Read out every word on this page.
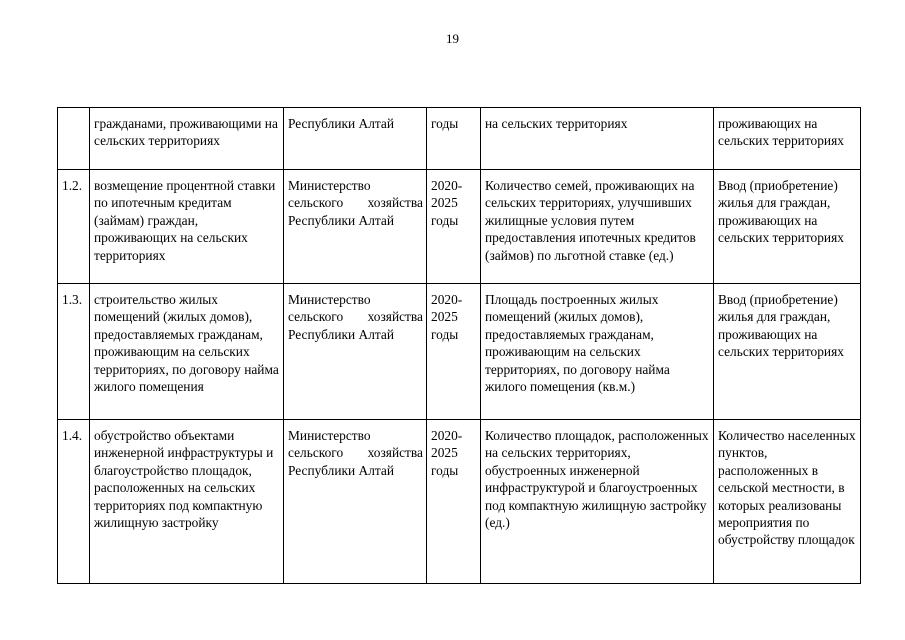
19
	гражданами, проживающими на сельских территориях	Республики Алтай	годы	на сельских территориях	проживающих на сельских территориях
1.2.	возмещение процентной ставки по ипотечным кредитам (займам) граждан, проживающих на сельских территориях	Министерство сельского хозяйства Республики Алтай	2020-2025 годы	Количество семей, проживающих на сельских территориях, улучшивших жилищные условия путем предоставления ипотечных кредитов (займов) по льготной ставке (ед.)	Ввод (приобретение) жилья для граждан, проживающих на сельских территориях
1.3.	строительство жилых помещений (жилых домов), предоставляемых гражданам, проживающим на сельских территориях, по договору найма жилого помещения	Министерство сельского хозяйства Республики Алтай	2020-2025 годы	Площадь построенных жилых помещений (жилых домов), предоставляемых гражданам, проживающим на сельских территориях, по договору найма жилого помещения (кв.м.)	Ввод (приобретение) жилья для граждан, проживающих на сельских территориях
1.4.	обустройство объектами инженерной инфраструктуры и благоустройство площадок, расположенных на сельских территориях под компактную жилищную застройку	Министерство сельского хозяйства Республики Алтай	2020-2025 годы	Количество площадок, расположенных на сельских территориях, обустроенных инженерной инфраструктурой и благоустроенных под компактную жилищную застройку (ед.)	Количество населенных пунктов, расположенных в сельской местности, в которых реализованы мероприятия по обустройству площадок
